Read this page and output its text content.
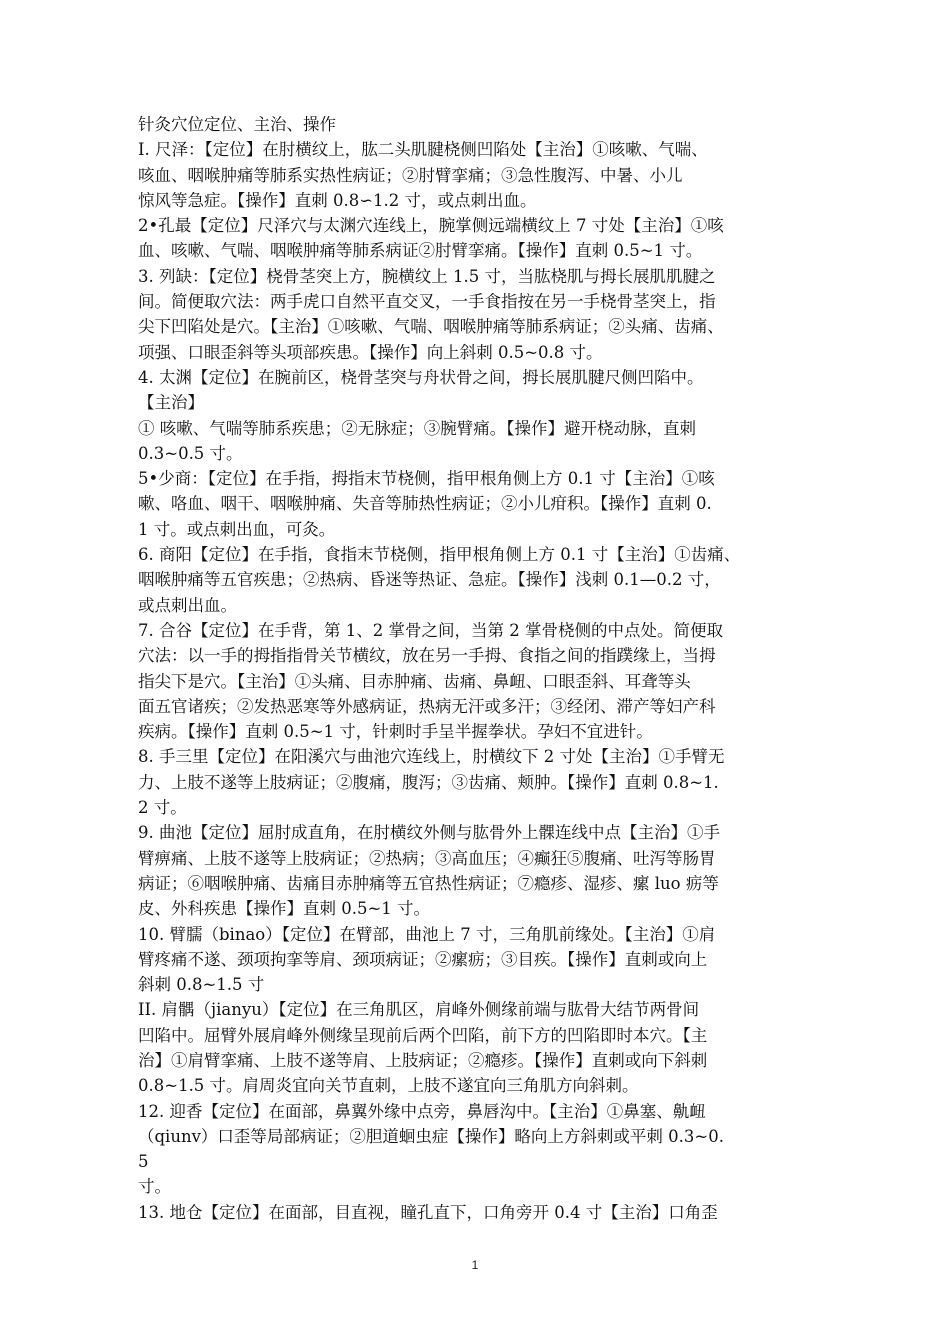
针灸穴位定位、主治、操作
I. 尺泽：【定位】在肘横纹上，肱二头肌腱桡侧凹陷处【主治】①咳嗽、气喘、
咳血、咽喉肿痛等肺系实热性病证；②肘臂挛痛；③急性腹泻、中暑、小儿
惊风等急症。【操作】直刺 0.8∽1.2 寸，或点刺出血。
2•孔最【定位】尺泽穴与太渊穴连线上，腕掌侧远端横纹上 7 寸处【主治】①咳
血、咳嗽、气喘、咽喉肿痛等肺系病证②肘臂挛痛。【操作】直刺 0.5~1 寸。
3. 列缺：【定位】桡骨茎突上方，腕横纹上 1.5 寸，当肱桡肌与拇长展肌肌腱之
间。简便取穴法：两手虎口自然平直交叉，一手食指按在另一手桡骨茎突上，指
尖下凹陷处是穴。【主治】①咳嗽、气喘、咽喉肿痛等肺系病证；②头痛、齿痛、
项强、口眼歪斜等头项部疾患。【操作】向上斜刺 0.5~0.8 寸。
4. 太渊【定位】在腕前区，桡骨茎突与舟状骨之间，拇长展肌腱尺侧凹陷中。
【主治】
① 咳嗽、气喘等肺系疾患；②无脉症；③腕臂痛。【操作】避开桡动脉，直刺
0.3~0.5 寸。
5•少商：【定位】在手指，拇指末节桡侧，指甲根角侧上方 0.1 寸【主治】①咳
嗽、咯血、咽干、咽喉肿痛、失音等肺热性病证；②小儿疳积。【操作】直刺 0.
1 寸。或点刺出血，可灸。
6. 商阳【定位】在手指，食指末节桡侧，指甲根角侧上方 0.1 寸【主治】①齿痛、
咽喉肿痛等五官疾患；②热病、昏迷等热证、急症。【操作】浅刺 0.1—0.2 寸，
或点刺出血。
7. 合谷【定位】在手背，第 1、2 掌骨之间，当第 2 掌骨桡侧的中点处。简便取
穴法：以一手的拇指指骨关节横纹，放在另一手拇、食指之间的指蹼缘上，当拇
指尖下是穴。【主治】①头痛、目赤肿痛、齿痛、鼻衄、口眼歪斜、耳聋等头
面五官诸疾；②发热恶寒等外感病证，热病无汗或多汗；③经闭、滞产等妇产科
疾病。【操作】直刺 0.5~1 寸，针刺时手呈半握拳状。孕妇不宜进针。
8. 手三里【定位】在阳溪穴与曲池穴连线上，肘横纹下 2 寸处【主治】①手臂无
力、上肢不遂等上肢病证；②腹痛，腹泻；③齿痛、颊肿。【操作】直刺 0.8~1.
2 寸。
9. 曲池【定位】屈肘成直角，在肘横纹外侧与肱骨外上髁连线中点【主治】①手
臂痹痛、上肢不遂等上肢病证；②热病；③高血压；④癫狂⑤腹痛、吐泻等肠胃
病证；⑥咽喉肿痛、齿痛目赤肿痛等五官热性病证；⑦瘾疹、湿疹、瘰 luo 疬等
皮、外科疾患【操作】直刺 0.5~1 寸。
10. 臂臑（binao）【定位】在臂部，曲池上 7 寸，三角肌前缘处。【主治】①肩
臂疼痛不遂、颈项拘挛等肩、颈项病证；②瘰疬；③目疾。【操作】直刺或向上
斜刺 0.8~1.5 寸
II. 肩髃（jianyu）【定位】在三角肌区，肩峰外侧缘前端与肱骨大结节两骨间
凹陷中。屈臂外展肩峰外侧缘呈现前后两个凹陷，前下方的凹陷即时本穴。【主
治】①肩臂挛痛、上肢不遂等肩、上肢病证；②瘾疹。【操作】直刺或向下斜刺
0.8~1.5 寸。肩周炎宜向关节直刺，上肢不遂宜向三角肌方向斜刺。
12. 迎香【定位】在面部，鼻翼外缘中点旁，鼻唇沟中。【主治】①鼻塞、鼽衄
（qiunv）口歪等局部病证；②胆道蛔虫症【操作】略向上方斜刺或平刺 0.3~0.
5
寸。
13. 地仓【定位】在面部，目直视，瞳孔直下，口角旁开 0.4 寸【主治】口角歪
1
